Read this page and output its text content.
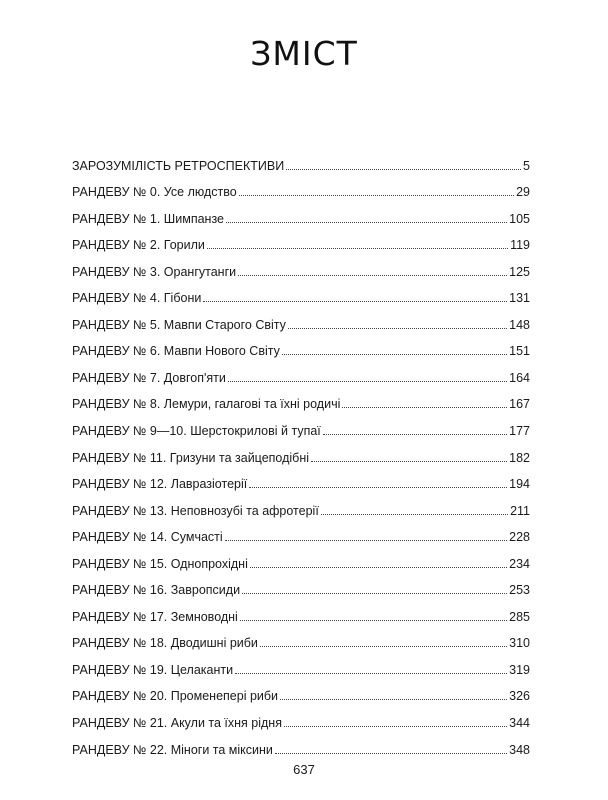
ЗМІСТ
ЗАРОЗУМІЛІСТЬ РЕТРОСПЕКТИВИ	5
РАНДЕВУ № 0. Усе людство	29
РАНДЕВУ № 1. Шимпанзе	105
РАНДЕВУ № 2. Горили	119
РАНДЕВУ № 3. Орангутанги	125
РАНДЕВУ № 4. Гібони	131
РАНДЕВУ № 5. Мавпи Старого Світу	148
РАНДЕВУ № 6. Мавпи Нового Світу	151
РАНДЕВУ № 7. Довгоп'яти	164
РАНДЕВУ № 8. Лемури, галагові та їхні родичі	167
РАНДЕВУ № 9—10. Шерстокрилові й тупаї	177
РАНДЕВУ № 11. Гризуни та зайцеподібні	182
РАНДЕВУ № 12. Лавразіотерії	194
РАНДЕВУ № 13. Неповнозубі та афротерії	211
РАНДЕВУ № 14. Сумчасті	228
РАНДЕВУ № 15. Однопрохідні	234
РАНДЕВУ № 16. Завропсиди	253
РАНДЕВУ № 17. Земноводні	285
РАНДЕВУ № 18. Дводишні риби	310
РАНДЕВУ № 19. Целаканти	319
РАНДЕВУ № 20. Променепері риби	326
РАНДЕВУ № 21. Акули та їхня рідня	344
РАНДЕВУ № 22. Міноги та міксини	348
637
